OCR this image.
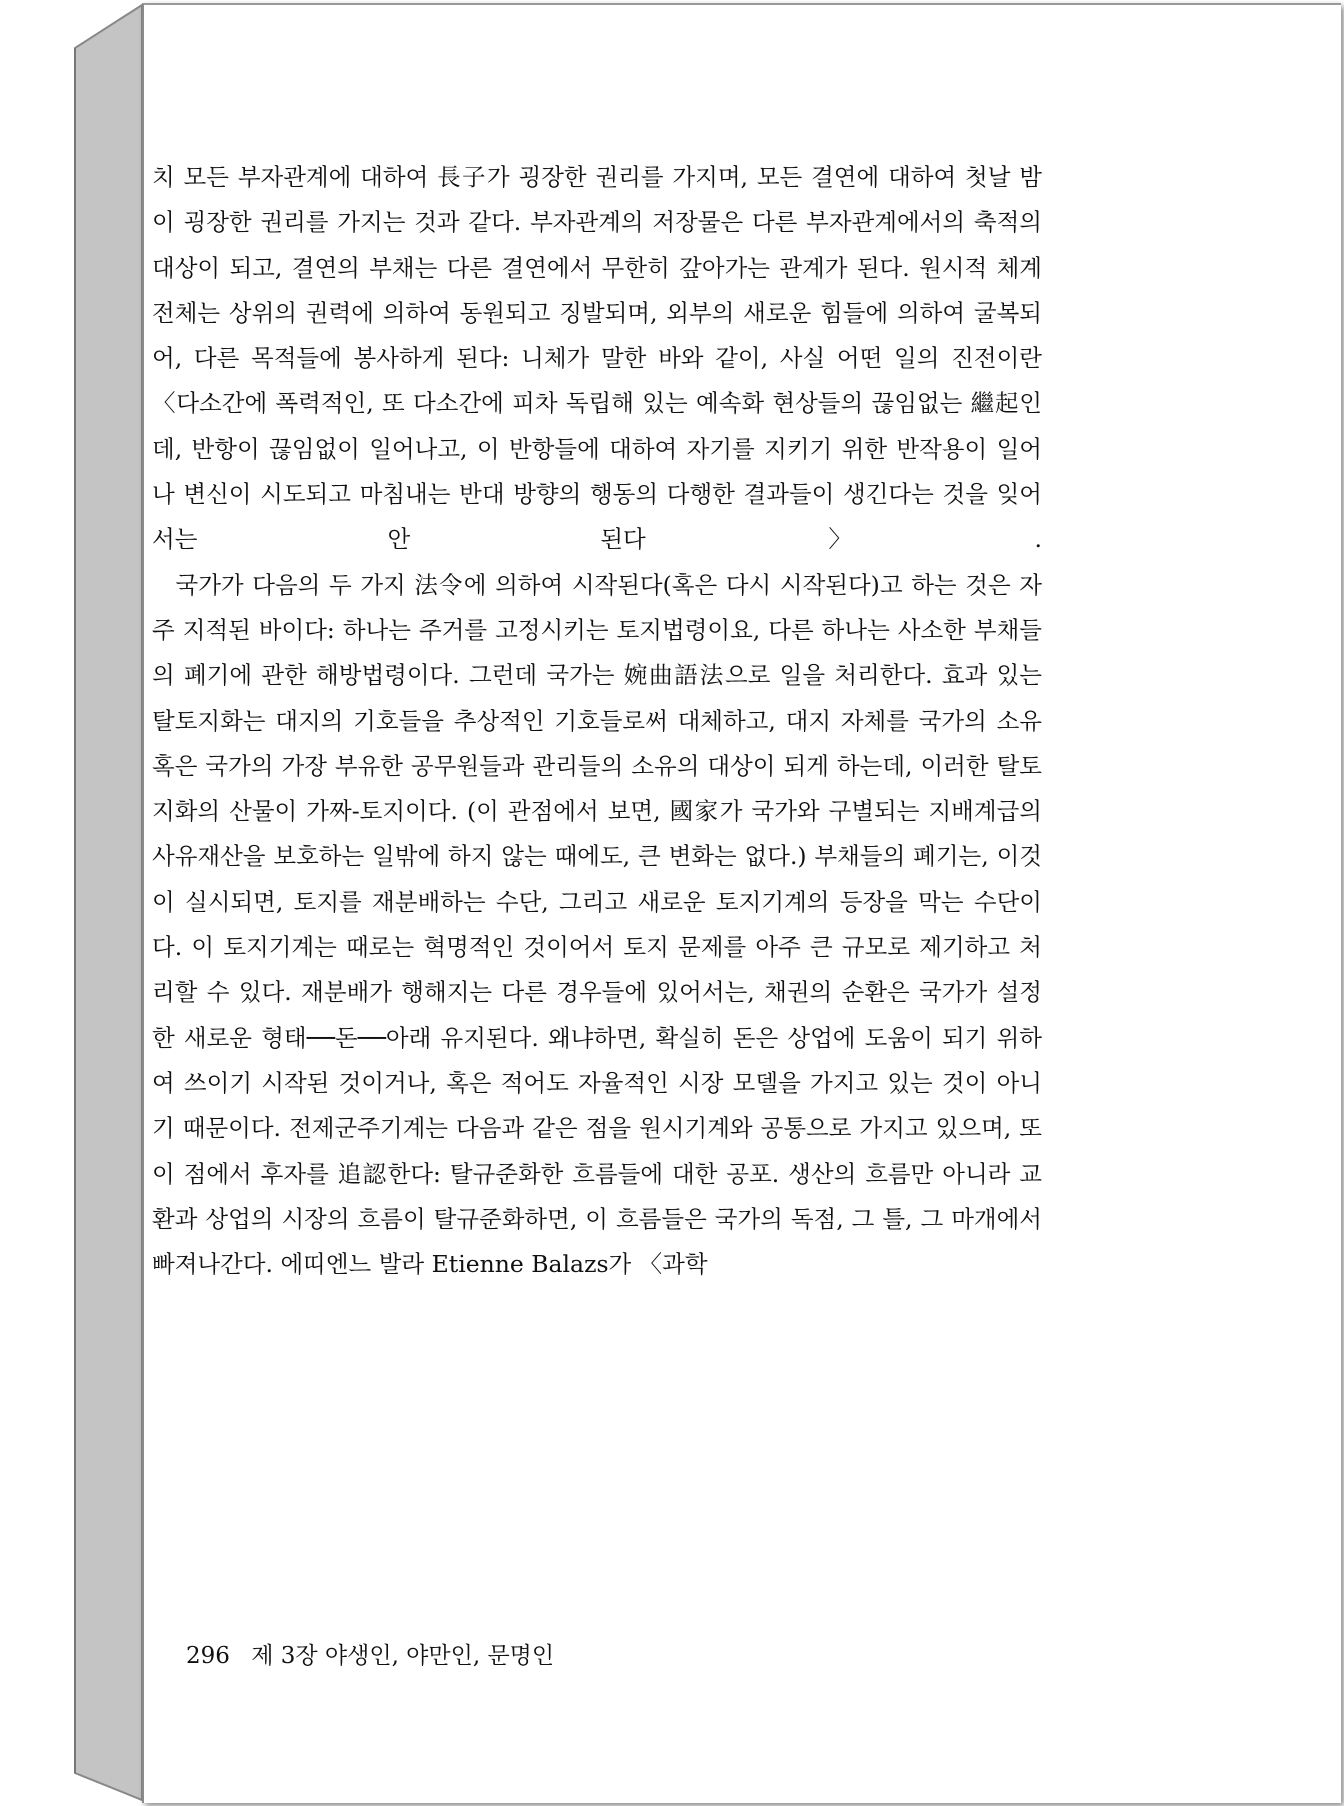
치 모든 부자관계에 대하여 長子가 굉장한 권리를 가지며, 모든 결연에 대하여 첫날 밤이 굉장한 권리를 가지는 것과 같다. 부자관계의 저장물은 다른 부자관계에서의 축적의 대상이 되고, 결연의 부채는 다른 결연에서 무한히 갚아가는 관계가 된다. 원시적 체계 전체는 상위의 권력에 의하여 동원되고 징발되며, 외부의 새로운 힘들에 의하여 굴복되어, 다른 목적들에 봉사하게 된다: 니체가 말한 바와 같이, 사실 어떤 일의 진전이란 〈다소간에 폭력적인, 또 다소간에 피차 독립해 있는 예속화 현상들의 끊임없는 繼起인데, 반항이 끊임없이 일어나고, 이 반항들에 대하여 자기를 지키기 위한 반작용이 일어나 변신이 시도되고 마침내는 반대 방향의 행동의 다행한 결과들이 생긴다는 것을 잊어서는 안 된다〉.

국가가 다음의 두 가지 法令에 의하여 시작된다(혹은 다시 시작된다)고 하는 것은 자주 지적된 바이다: 하나는 주거를 고정시키는 토지법령이요, 다른 하나는 사소한 부채들의 폐기에 관한 해방법령이다. 그런데 국가는 婉曲語法으로 일을 처리한다. 효과 있는 탈토지화는 대지의 기호들을 추상적인 기호들로써 대체하고, 대지 자체를 국가의 소유 혹은 국가의 가장 부유한 공무원들과 관리들의 소유의 대상이 되게 하는데, 이러한 탈토지화의 산물이 가짜-토지이다. (이 관점에서 보면, 國家가 국가와 구별되는 지배계급의 사유재산을 보호하는 일밖에 하지 않는 때에도, 큰 변화는 없다.) 부채들의 폐기는, 이것이 실시되면, 토지를 재분배하는 수단, 그리고 새로운 토지기계의 등장을 막는 수단이다. 이 토지기계는 때로는 혁명적인 것이어서 토지 문제를 아주 큰 규모로 제기하고 처리할 수 있다. 재분배가 행해지는 다른 경우들에 있어서는, 채권의 순환은 국가가 설정한 새로운 형태──돈──아래 유지된다. 왜냐하면, 확실히 돈은 상업에 도움이 되기 위하여 쓰이기 시작된 것이거나, 혹은 적어도 자율적인 시장 모델을 가지고 있는 것이 아니기 때문이다. 전제군주기계는 다음과 같은 점을 원시기계와 공통으로 가지고 있으며, 또 이 점에서 후자를 追認한다: 탈규준화한 흐름들에 대한 공포. 생산의 흐름만 아니라 교환과 상업의 시장의 흐름이 탈규준화하면, 이 흐름들은 국가의 독점, 그 틀, 그 마개에서 빠져나간다. 에띠엔느 발라 Etienne Balazs가 〈과학

296 제 3장 야생인, 야만인, 문명인
